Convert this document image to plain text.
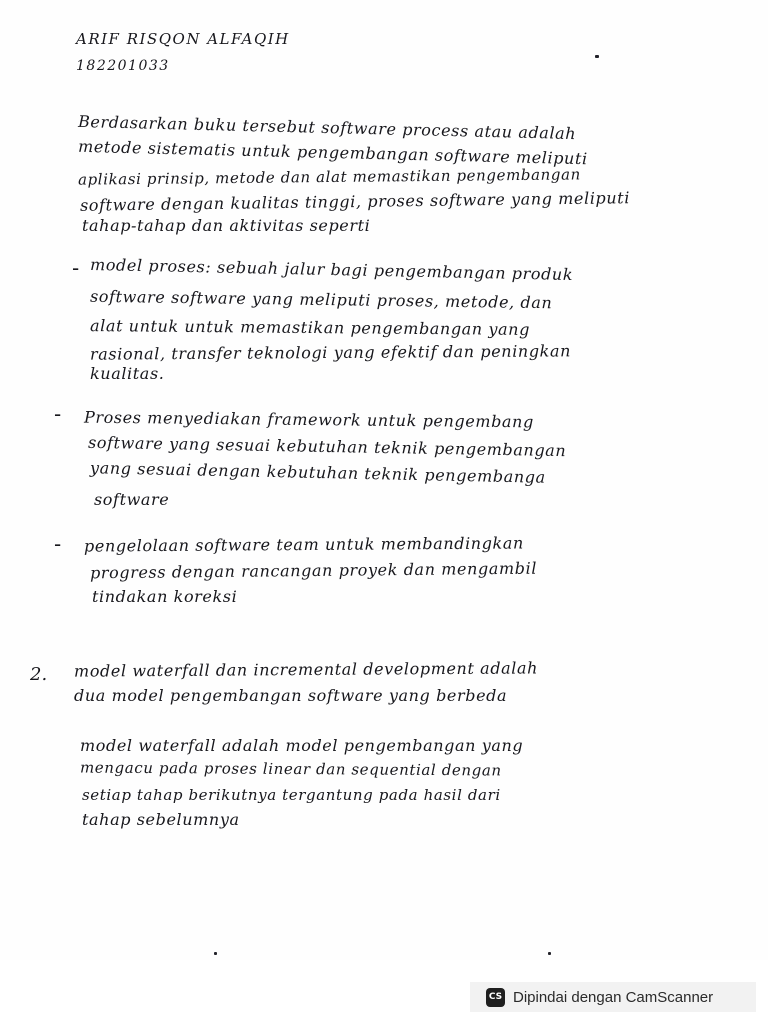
ARIF RISQON ALFAQIH
182201033
Berdasarkan buku tersebut software process atau adalah
metode sistematis untuk pengembangan software meliputi
aplikasi prinsip, metode dan alat memastikan pengembangan
software dengan kualitas tinggi, proses software yang meliputi
tahap-tahap dan aktivitas seperti
- model proses: sebuah jalur bagi pengembangan produk
software software yang meliputi proses, metode, dan
alat untuk untuk memastikan pengembangan yang
rasional, transfer teknologi yang efektif dan peningkan
kualitas.
- Proses menyediakan framework untuk pengembang
software yang sesuai kebutuhan teknik pengembangan
yang sesuai dengan kebutuhan teknik pengembanga
software
- pengelolaan software team untuk membandingkan
progress dengan rancangan proyek dan mengambil
tindakan koreksi
2. model waterfall dan incremental development adalah
dua model pengembangan software yang berbeda
model waterfall adalah model pengembangan yang
mengacu pada proses linear dan sequential dengan
setiap tahap berikutnya tergantung pada hasil dari
tahap sebelumnya
CS Dipindai dengan CamScanner
